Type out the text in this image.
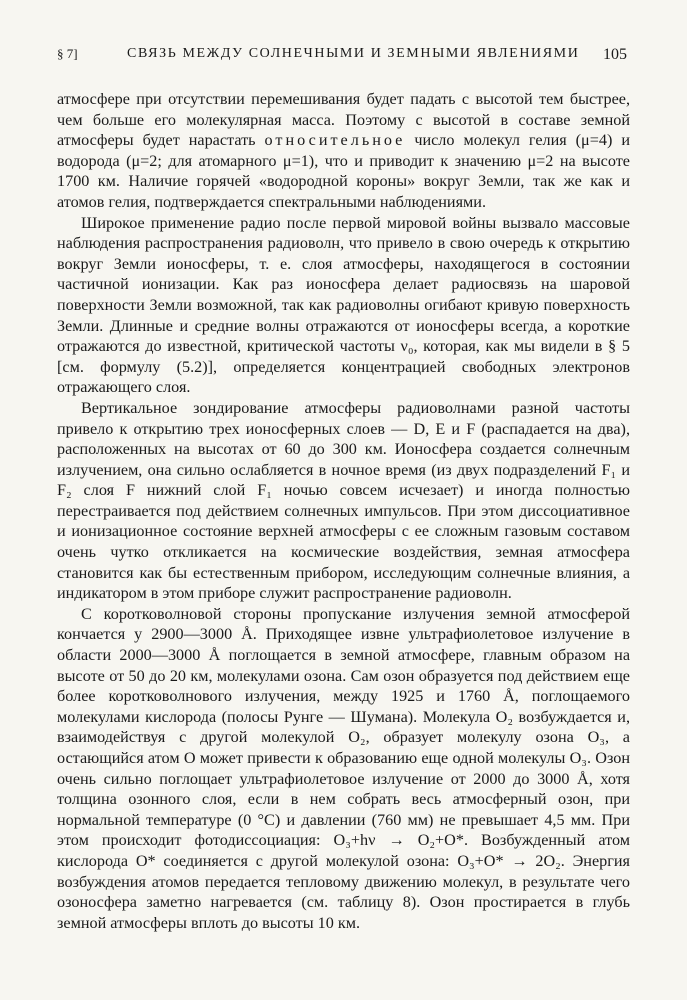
§ 7]	СВЯЗЬ МЕЖДУ СОЛНЕЧНЫМИ И ЗЕМНЫМИ ЯВЛЕНИЯМИ 105

атмосфере при отсутствии перемешивания будет падать с высотой тем быстрее, чем больше его молекулярная масса. Поэтому с высотой в составе земной атмосферы будет нарастать относительное число молекул гелия (μ=4) и водорода (μ=2; для атомарного μ=1), что и приводит к значению μ=2 на высоте 1700 км. Наличие горячей «водородной короны» вокруг Земли, так же как и атомов гелия, подтверждается спектральными наблюдениями.

Широкое применение радио после первой мировой войны вызвало массовые наблюдения распространения радиоволн, что привело в свою очередь к открытию вокруг Земли ионосферы, т. е. слоя атмосферы, находящегося в состоянии частичной ионизации. Как раз ионосфера делает радиосвязь на шаровой поверхности Земли возможной, так как радиоволны огибают кривую поверхность Земли. Длинные и средние волны отражаются от ионосферы всегда, а короткие отражаются до известной, критической частоты ν₀, которая, как мы видели в § 5 [см. формулу (5.2)], определяется концентрацией свободных электронов отражающего слоя.

Вертикальное зондирование атмосферы радиоволнами разной частоты привело к открытию трех ионосферных слоев — D, E и F (распадается на два), расположенных на высотах от 60 до 300 км. Ионосфера создается солнечным излучением, она сильно ослабляется в ночное время (из двух подразделений F₁ и F₂ слоя F нижний слой F₁ ночью совсем исчезает) и иногда полностью перестраивается под действием солнечных импульсов. При этом диссоциативное и ионизационное состояние верхней атмосферы с ее сложным газовым составом очень чутко откликается на космические воздействия, земная атмосфера становится как бы естественным прибором, исследующим солнечные влияния, а индикатором в этом приборе служит распространение радиоволн.

С коротковолновой стороны пропускание излучения земной атмосферой кончается у 2900—3000 Å. Приходящее извне ультрафиолетовое излучение в области 2000—3000 Å поглощается в земной атмосфере, главным образом на высоте от 50 до 20 км, молекулами озона. Сам озон образуется под действием еще более коротковолнового излучения, между 1925 и 1760 Å, поглощаемого молекулами кислорода (полосы Рунге — Шумана). Молекула O₂ возбуждается и, взаимодействуя с другой молекулой O₂, образует молекулу озона O₃, а остающийся атом O может привести к образованию еще одной молекулы O₃. Озон очень сильно поглощает ультрафиолетовое излучение от 2000 до 3000 Å, хотя толщина озонного слоя, если в нем собрать весь атмосферный озон, при нормальной температуре (0 °C) и давлении (760 мм) не превышает 4,5 мм. При этом происходит фотодиссоциация: O₃+hν → O₂+O*. Возбужденный атом кислорода O* соединяется с другой молекулой озона: O₃+O* → 2O₂. Энергия возбуждения атомов передается тепловому движению молекул, в результате чего озоносфера заметно нагревается (см. таблицу 8). Озон простирается в глубь земной атмосферы вплоть до высоты 10 км.
